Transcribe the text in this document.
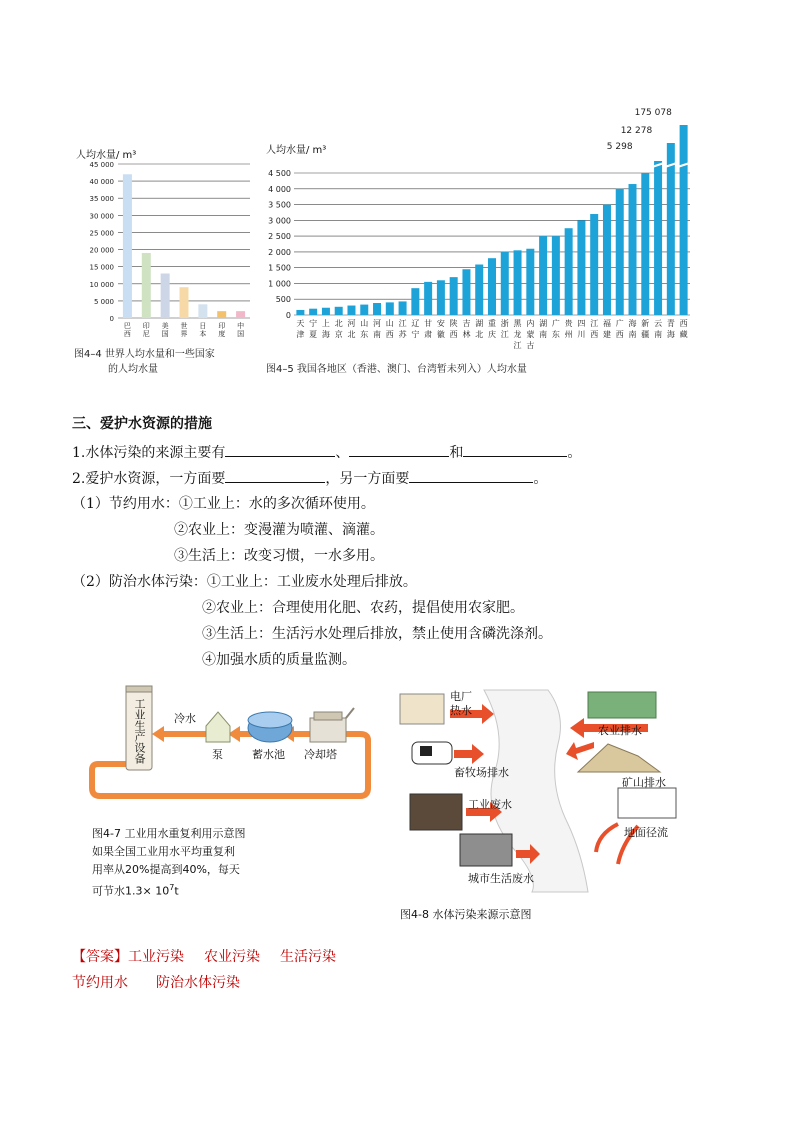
人均水量/ m³
45 000
40 000
35 000
30 000
25 000
20 000
15 000
10 000
5 000
0
巴西
印尼
美国
世界
日本
印度
中国
图4–4 世界人均水量和一些国家
的人均水量
人均水量/ m³
4 500
4 000
3 500
3 000
2 500
2 000
1 500
1 000
500
0
175 078
12 278
5 298
天津
宁夏
上海
北京
河北
山东
河南
山西
江苏
辽宁
甘肃
安徽
陕西
吉林
湖北
重庆
浙江
黑龙江
内蒙古
湖南
广东
贵州
四川
江西
福建
广西
海南
新疆
云南
青海
西藏
图4–5 我国各地区（香港、澳门、台湾暂未列入）人均水量
三、爱护水资源的措施
1.水体污染的来源主要有	、	和	。
2.爱护水资源，一方面要	，另一方面要	。
（1）节约用水：①工业上：水的多次循环使用。
②农业上：变漫灌为喷灌、滴灌。
③生活上：改变习惯，一水多用。
（2）防治水体污染：①工业上：工业废水处理后排放。
②农业上：合理使用化肥、农药，提倡使用农家肥。
③生活上：生活污水处理后排放，禁止使用含磷洗涤剂。
④加强水质的质量监测。
工业生产设备	冷水
泵	蓄水池 冷却塔
图4-7 工业用水重复利用示意图
如果全国工业用水平均重复利
用率从20%提高到40%，每天
可节水$1.3\times 10^7t$
电厂
热水
农业排水
畜牧场排水
矿山排水
工业废水
地面径流
城市生活废水
图4-8 水体污染来源示意图
【答案】工业污染 农业污染 生活污染
节约用水 防治水体污染
